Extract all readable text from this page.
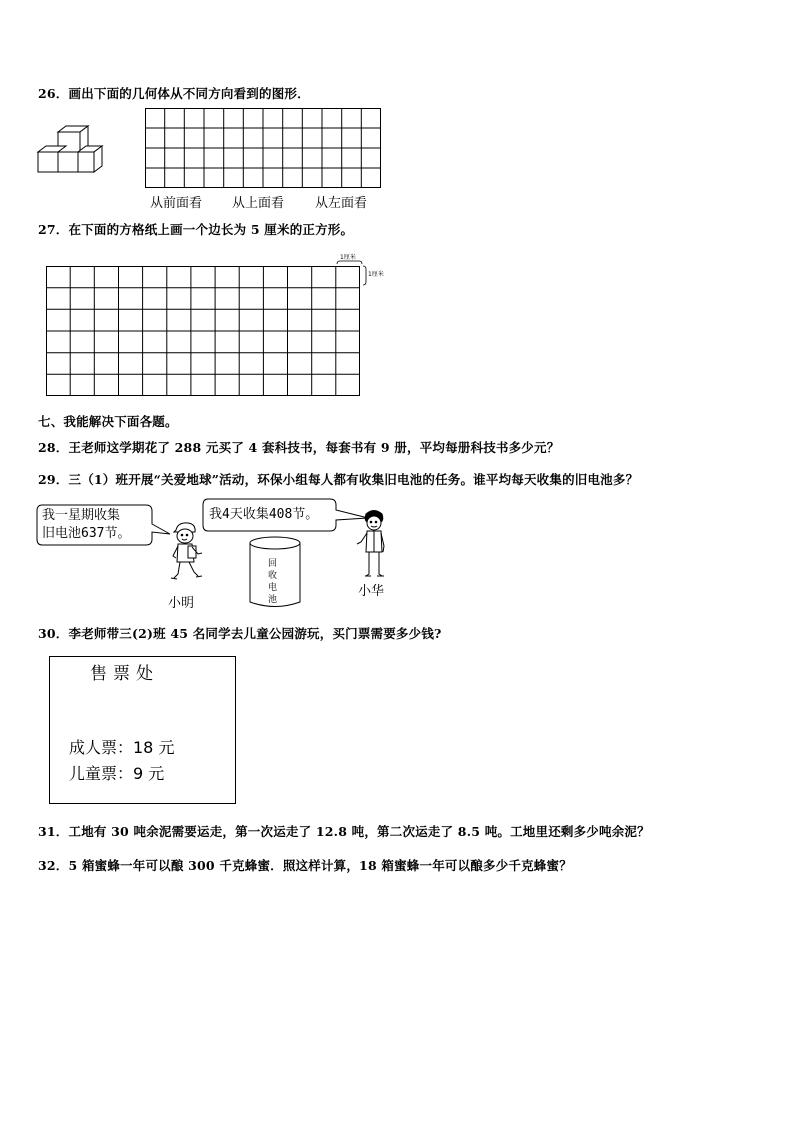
26．画出下面的几何体从不同方向看到的图形．
从前面看 从上面看 从左面看
27．在下面的方格纸上画一个边长为 5 厘米的正方形。
1厘米
1厘米
七、我能解决下面各题。
28．王老师这学期花了 288 元买了 4 套科技书，每套书有 9 册，平均每册科技书多少元？
29．三（1）班开展“关爱地球”活动，环保小组每人都有收集旧电池的任务。谁平均每天收集的旧电池多？
我一星期收集
旧电池637节。
小明
我4天收集408节。
回
收
电
池
小华
30．李老师带三(2)班 45 名同学去儿童公园游玩，买门票需要多少钱?
售票处
成人票：18 元
儿童票：9 元
31．工地有 30 吨余泥需要运走，第一次运走了 12.8 吨，第二次运走了 8.5 吨。工地里还剩多少吨余泥？
32．5 箱蜜蜂一年可以酿 300 千克蜂蜜．照这样计算，18 箱蜜蜂一年可以酿多少千克蜂蜜？
